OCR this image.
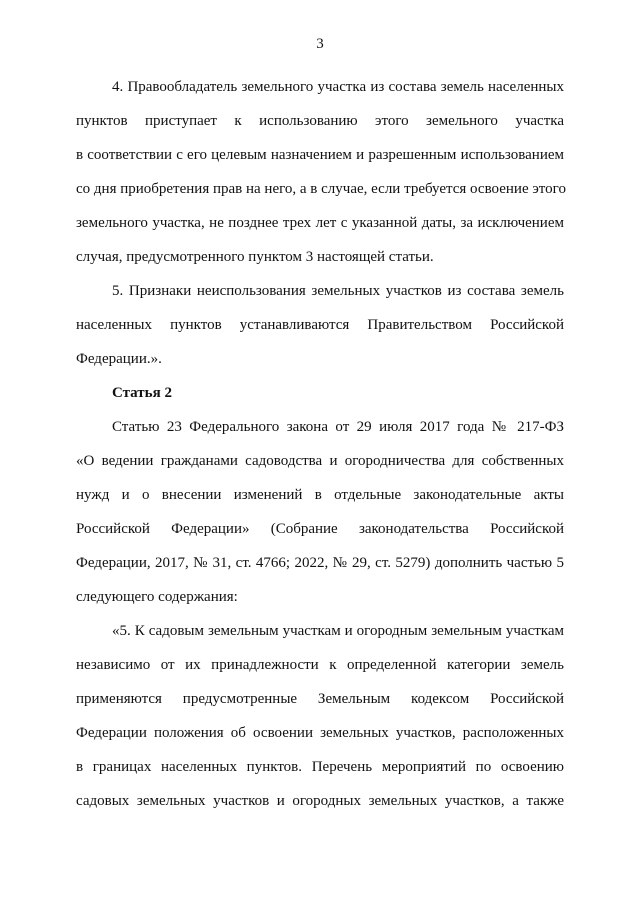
3
4. Правообладатель земельного участка из состава земель населенных
пунктов приступает к использованию этого земельного участка
в соответствии с его целевым назначением и разрешенным использованием
со дня приобретения прав на него, а в случае, если требуется освоение этого
земельного участка, не позднее трех лет с указанной даты, за исключением
случая, предусмотренного пунктом 3 настоящей статьи.
5. Признаки неиспользования земельных участков из состава земель
населенных пунктов устанавливаются Правительством Российской
Федерации.».
Статья 2
Статью 23 Федерального закона от 29 июля 2017 года № 217-ФЗ
«О ведении гражданами садоводства и огородничества для собственных
нужд и о внесении изменений в отдельные законодательные акты
Российской Федерации» (Собрание законодательства Российской
Федерации, 2017, № 31, ст. 4766; 2022, № 29, ст. 5279) дополнить частью 5
следующего содержания:
«5. К садовым земельным участкам и огородным земельным участкам
независимо от их принадлежности к определенной категории земель
применяются предусмотренные Земельным кодексом Российской
Федерации положения об освоении земельных участков, расположенных
в границах населенных пунктов. Перечень мероприятий по освоению
садовых земельных участков и огородных земельных участков, а также
